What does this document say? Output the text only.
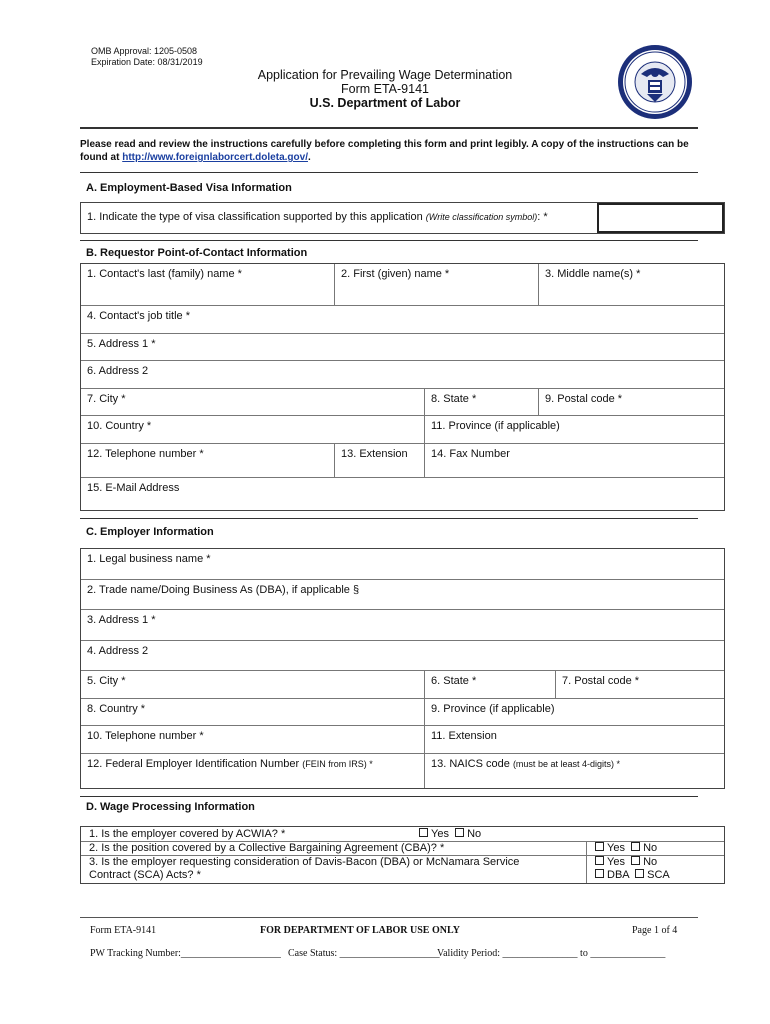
OMB Approval: 1205-0508
Expiration Date: 08/31/2019
Application for Prevailing Wage Determination
Form ETA-9141
U.S. Department of Labor
Please read and review the instructions carefully before completing this form and print legibly. A copy of the instructions can be found at http://www.foreignlaborcert.doleta.gov/.
A. Employment-Based Visa Information
1. Indicate the type of visa classification supported by this application (Write classification symbol): *
B. Requestor Point-of-Contact Information
1. Contact's last (family) name *	2. First (given) name *	3. Middle name(s) *
4. Contact's job title *
5. Address 1 *
6. Address 2
7. City *	8. State *	9. Postal code *
10. Country *	11. Province (if applicable)
12. Telephone number *	13. Extension	14. Fax Number
15. E-Mail Address
C. Employer Information
1. Legal business name *
2. Trade name/Doing Business As (DBA), if applicable §
3. Address 1 *
4. Address 2
5. City *	6. State *	7. Postal code *
8. Country *	9. Province (if applicable)
10. Telephone number *	11. Extension
12. Federal Employer Identification Number (FEIN from IRS) *	13. NAICS code (must be at least 4-digits) *
D. Wage Processing Information
1. Is the employer covered by ACWIA? *	Yes No
2. Is the position covered by a Collective Bargaining Agreement (CBA)? *	Yes No
3. Is the employer requesting consideration of Davis-Bacon (DBA) or McNamara Service
Contract (SCA) Acts? *
Yes No
DBA SCA
Form ETA-9141	FOR DEPARTMENT OF LABOR USE ONLY	Page 1 of 4
PW Tracking Number:____________________ Case Status: ____________________
Validity Period: _______________ to _______________
